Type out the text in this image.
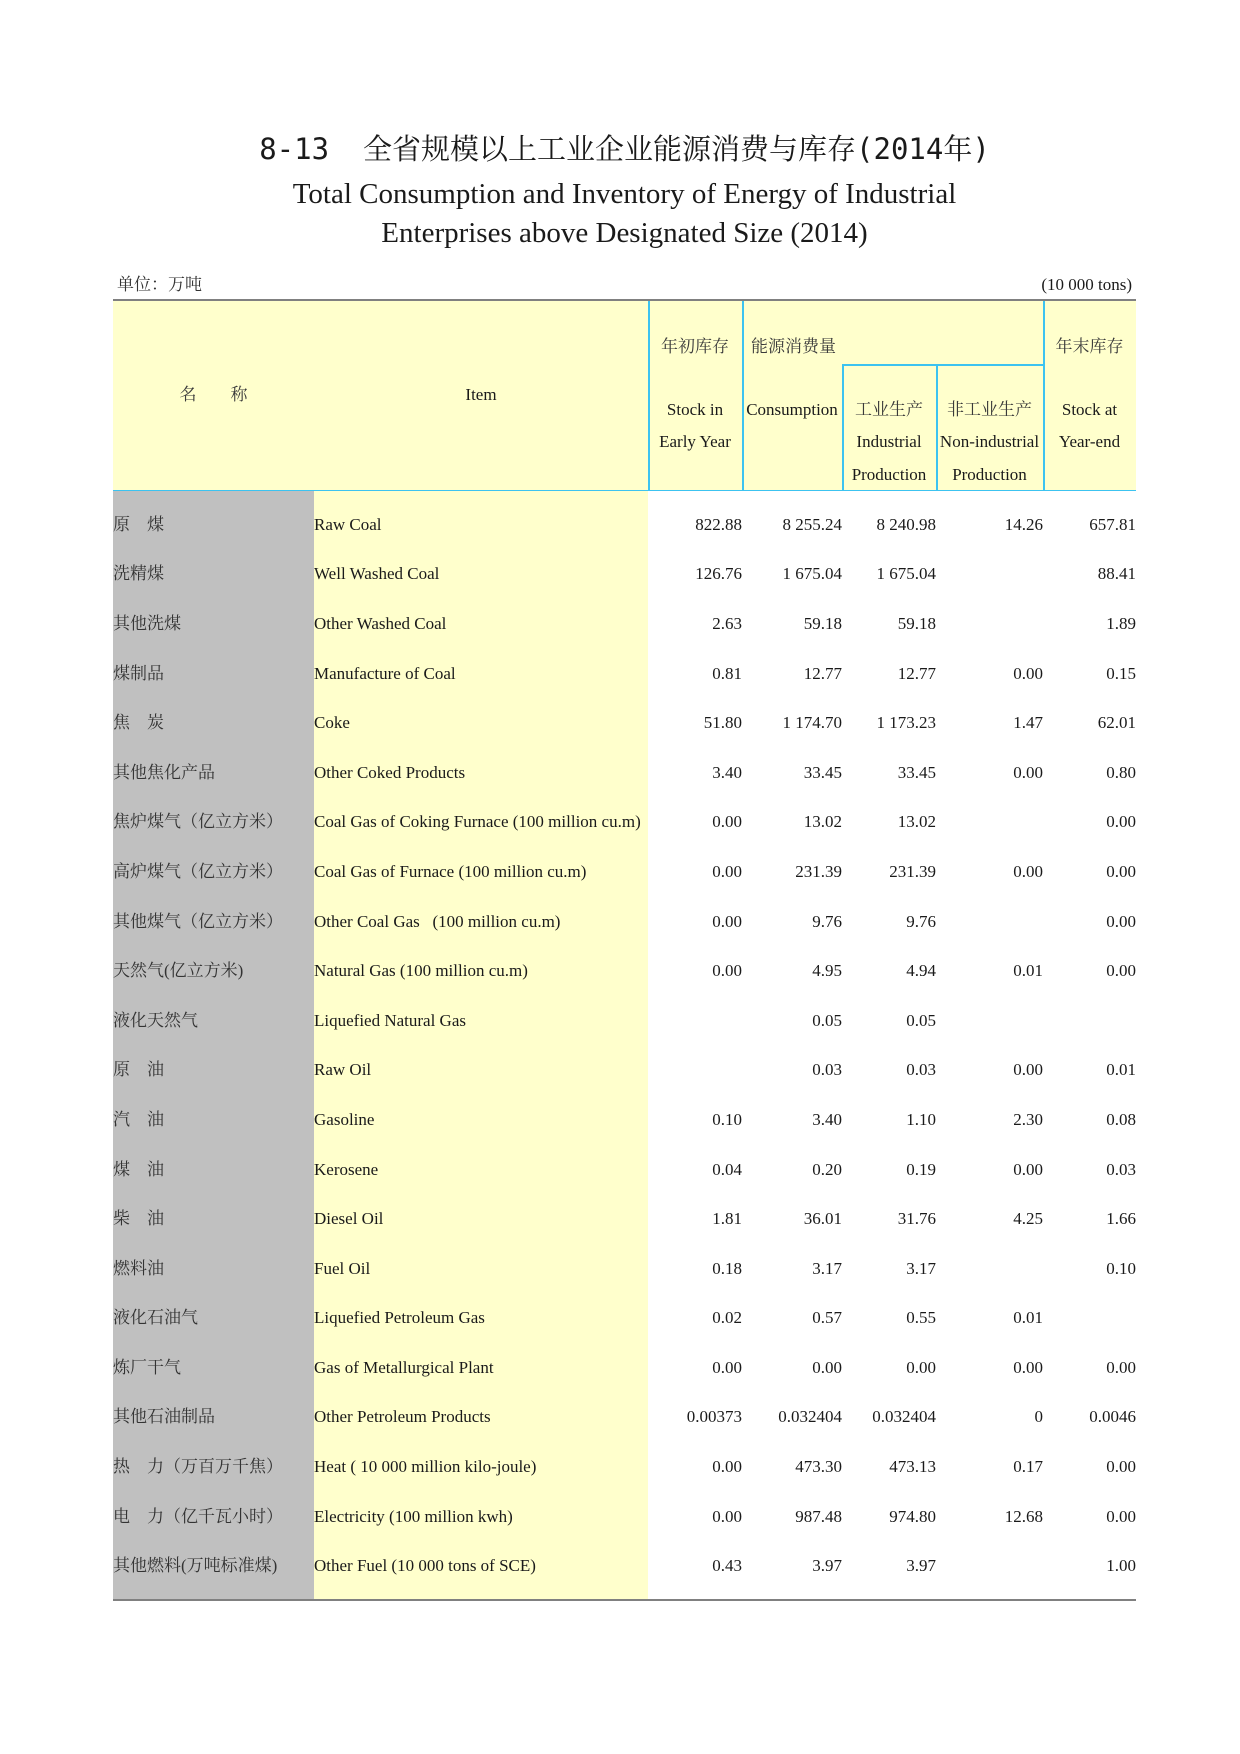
8-13 全省规模以上工业企业能源消费与库存(2014年)
Total Consumption and Inventory of Energy of Industrial
Enterprises above Designated Size (2014)
单位：万吨	(10 000 tons)
名　　称	Item
年初库存
Stock in
Early Year
能源消费量
Consumption	工业生产
Industrial
Production
非工业生产
Non-industrial
Production
年末库存
Stock at
Year-end
原　煤	Raw Coal	822.88	8 255.24	8 240.98	14.26	657.81
洗精煤	Well Washed Coal	126.76	1 675.04	1 675.04		88.41
其他洗煤	Other Washed Coal	2.63	59.18	59.18		1.89
煤制品	Manufacture of Coal	0.81	12.77	12.77	0.00	0.15
焦　炭	Coke	51.80	1 174.70	1 173.23	1.47	62.01
其他焦化产品	Other Coked Products	3.40	33.45	33.45	0.00	0.80
焦炉煤气（亿立方米）	Coal Gas of Coking Furnace (100 million cu.m)	0.00	13.02	13.02		0.00
高炉煤气（亿立方米）	Coal Gas of Furnace (100 million cu.m)	0.00	231.39	231.39	0.00	0.00
其他煤气（亿立方米）	Other Coal Gas   (100 million cu.m)	0.00	9.76	9.76		0.00
天然气(亿立方米)	Natural Gas (100 million cu.m)	0.00	4.95	4.94	0.01	0.00
液化天然气	Liquefied Natural Gas		0.05	0.05		
原　油	Raw Oil		0.03	0.03	0.00	0.01
汽　油	Gasoline	0.10	3.40	1.10	2.30	0.08
煤　油	Kerosene	0.04	0.20	0.19	0.00	0.03
柴　油	Diesel Oil	1.81	36.01	31.76	4.25	1.66
燃料油	Fuel Oil	0.18	3.17	3.17		0.10
液化石油气	Liquefied Petroleum Gas	0.02	0.57	0.55	0.01	
炼厂干气	Gas of Metallurgical Plant	0.00	0.00	0.00	0.00	0.00
其他石油制品	Other Petroleum Products	0.00373	0.032404	0.032404	0	0.0046
热　力（万百万千焦）	Heat ( 10 000 million kilo-joule)	0.00	473.30	473.13	0.17	0.00
电　力（亿千瓦小时）	Electricity (100 million kwh)	0.00	987.48	974.80	12.68	0.00
其他燃料(万吨标准煤)	Other Fuel (10 000 tons of SCE)	0.43	3.97	3.97		1.00
